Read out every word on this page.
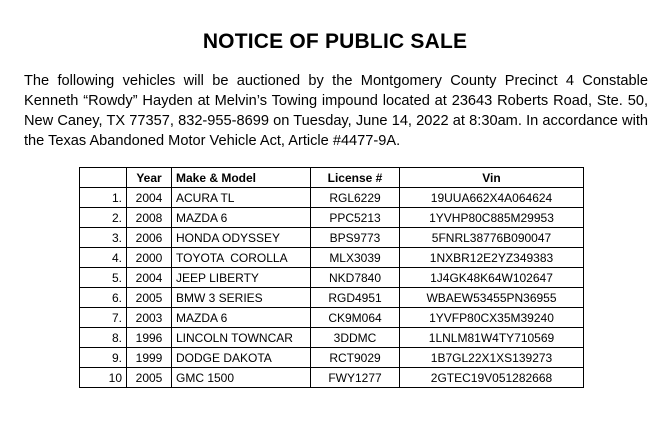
NOTICE OF PUBLIC SALE
The following vehicles will be auctioned by the Montgomery County Precinct 4 Constable Kenneth “Rowdy” Hayden at Melvin’s Towing impound located at 23643 Roberts Road, Ste. 50, New Caney, TX 77357, 832-955-8699 on Tuesday, June 14, 2022 at 8:30am. In accordance with the Texas Abandoned Motor Vehicle Act, Article #4477-9A.
	Year	Make & Model	License #	Vin
1.	2004	ACURA TL	RGL6229	19UUA662X4A064624
2.	2008	MAZDA 6	PPC5213	1YVHP80C885M29953
3.	2006	HONDA ODYSSEY	BPS9773	5FNRL38776B090047
4.	2000	TOYOTA  COROLLA	MLX3039	1NXBR12E2YZ349383
5.	2004	JEEP LIBERTY	NKD7840	1J4GK48K64W102647
6.	2005	BMW 3 SERIES	RGD4951	WBAEW53455PN36955
7.	2003	MAZDA 6	CK9M064	1YVFP80CX35M39240
8.	1996	LINCOLN TOWNCAR	3DDMC	1LNLM81W4TY710569
9.	1999	DODGE DAKOTA	RCT9029	1B7GL22X1XS139273
10	2005	GMC 1500	FWY1277	2GTEC19V051282668
